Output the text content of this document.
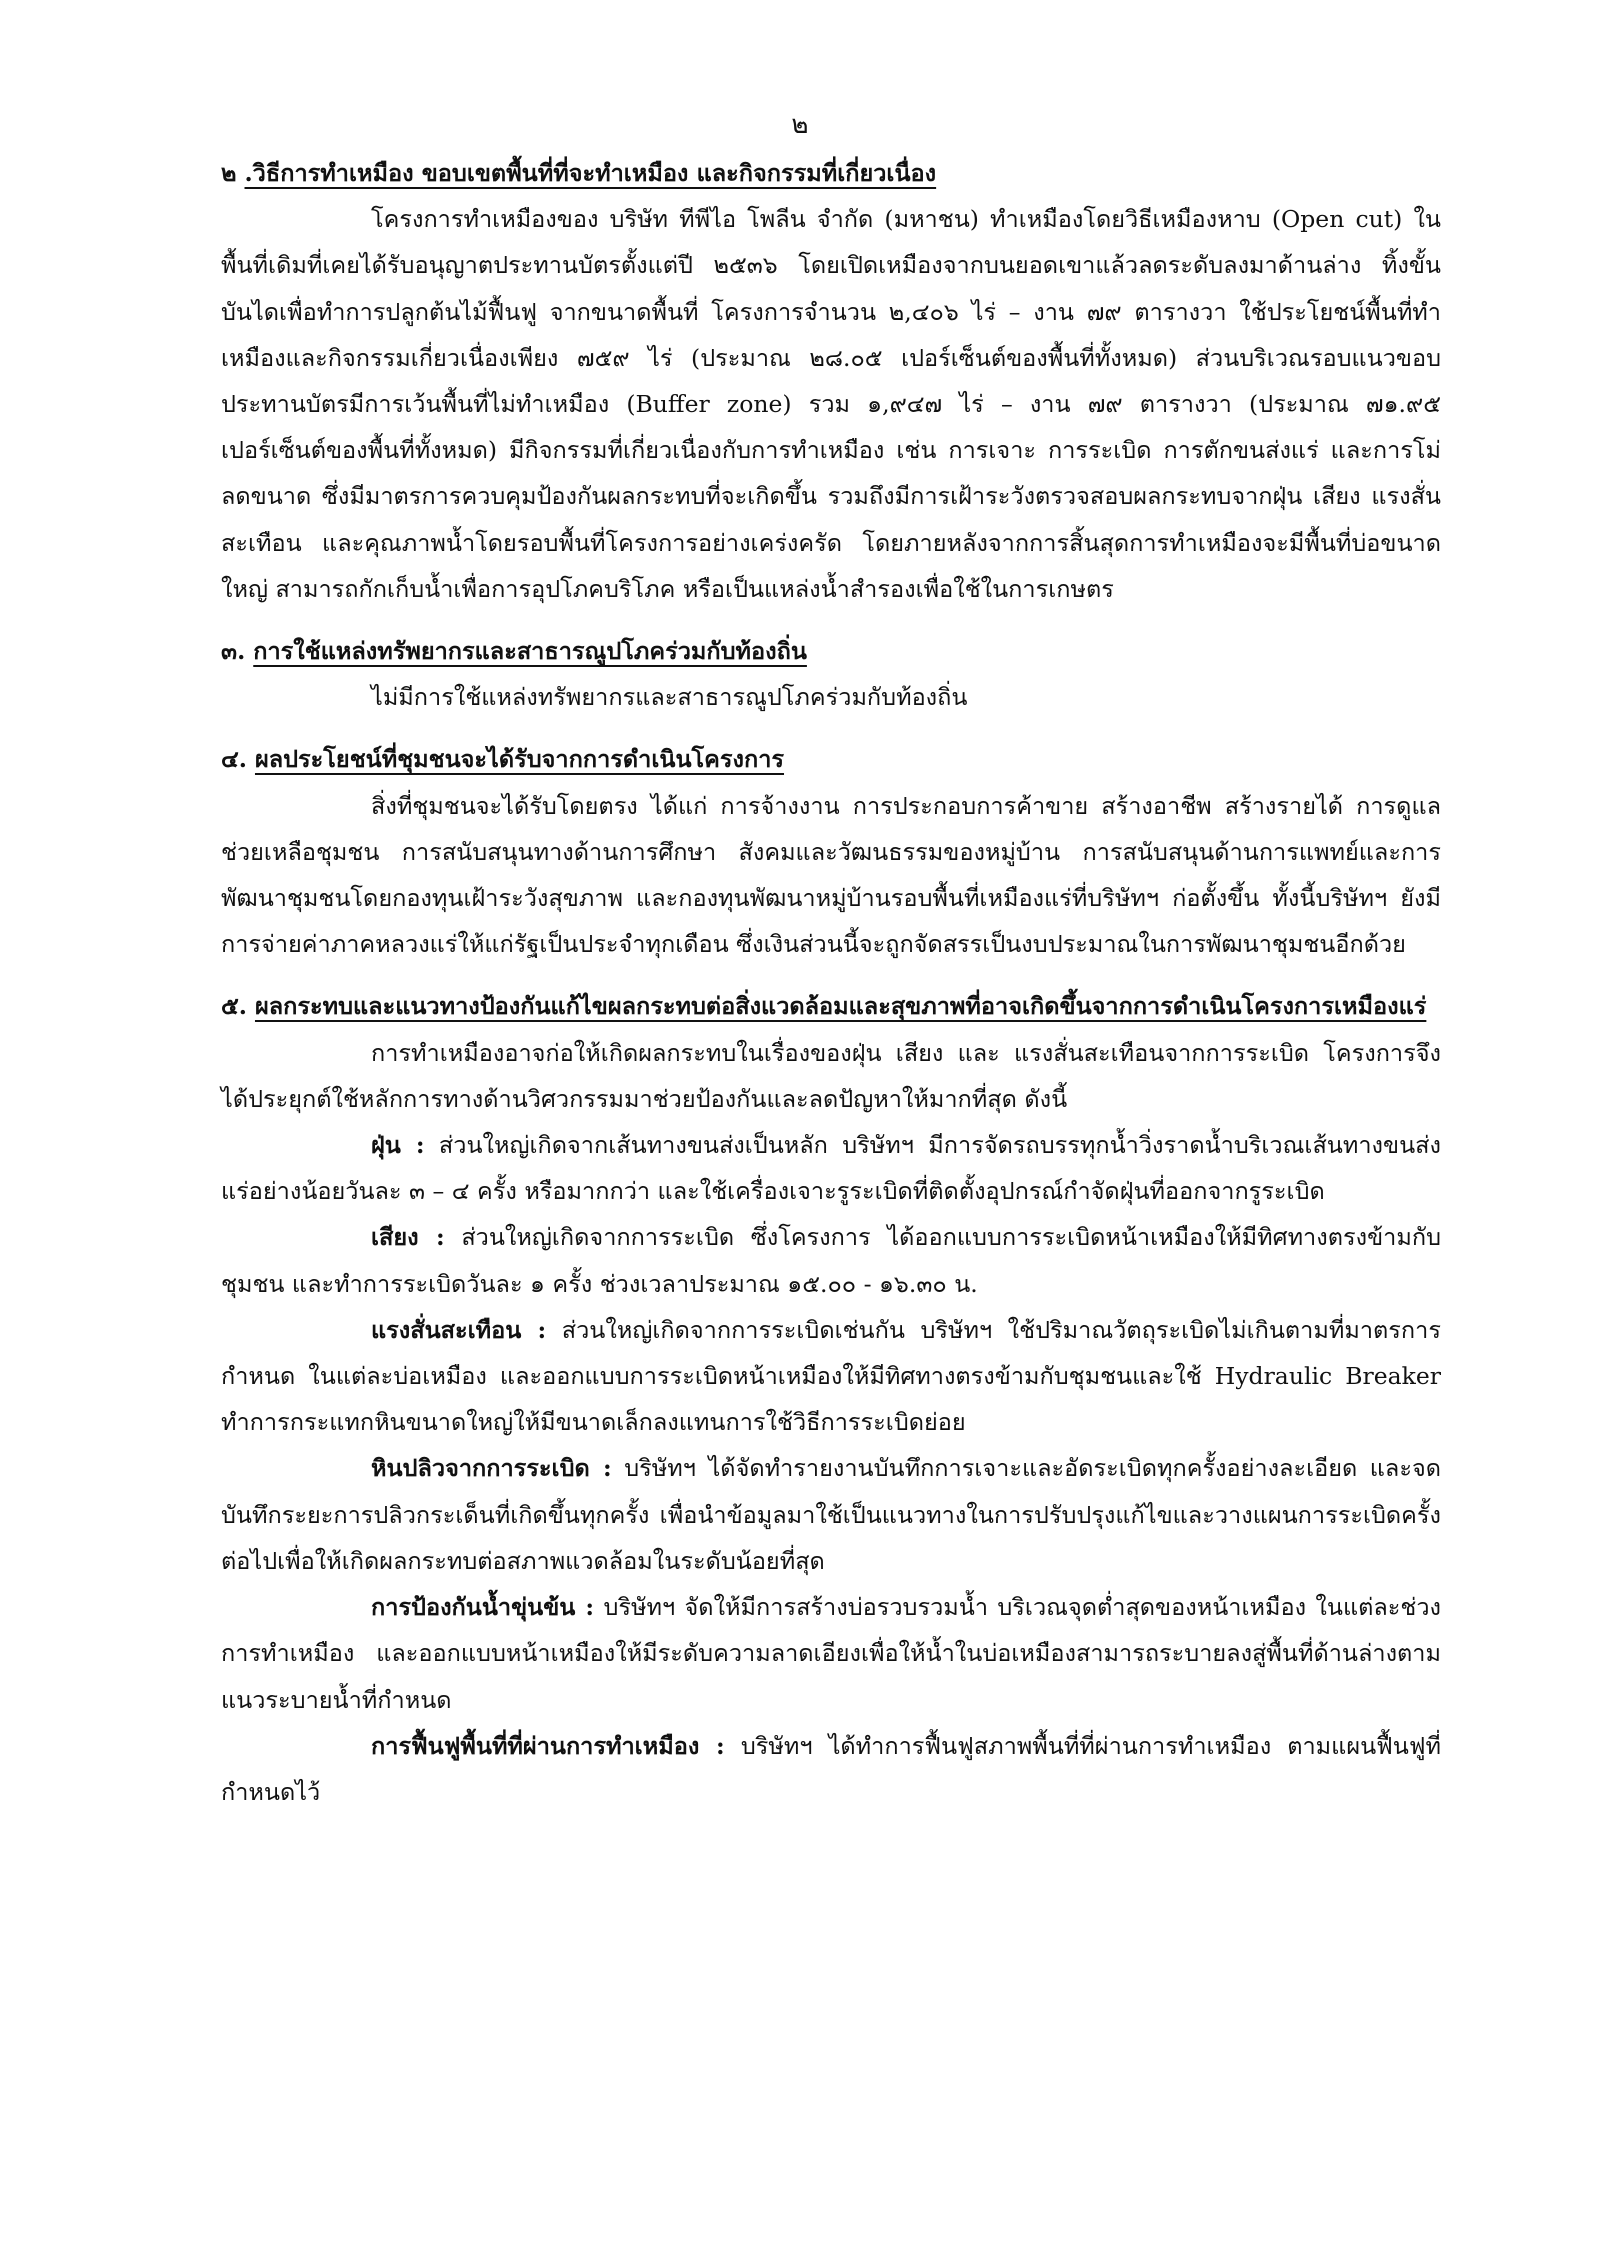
๒

๒ .วิธีการทำเหมือง ขอบเขตพื้นที่ที่จะทำเหมือง และกิจกรรมที่เกี่ยวเนื่อง

โครงการทำเหมืองของ บริษัท ทีพีไอ โพลีน จำกัด (มหาชน) ทำเหมืองโดยวิธีเหมืองหาบ (Open cut) ในพื้นที่เดิมที่เคยได้รับอนุญาตประทานบัตรตั้งแต่ปี ๒๕๓๖ โดยเปิดเหมืองจากบนยอดเขาแล้วลดระดับลงมาด้านล่าง ทิ้งขั้นบันไดเพื่อทำการปลูกต้นไม้ฟื้นฟู จากขนาดพื้นที่ โครงการจำนวน ๒,๔๐๖ ไร่ – งาน ๗๙ ตารางวา ใช้ประโยชน์พื้นที่ทำเหมืองและกิจกรรมเกี่ยวเนื่องเพียง ๗๕๙ ไร่ (ประมาณ ๒๘.๐๕ เปอร์เซ็นต์ของพื้นที่ทั้งหมด) ส่วนบริเวณรอบแนวขอบประทานบัตรมีการเว้นพื้นที่ไม่ทำเหมือง (Buffer zone) รวม ๑,๙๔๗ ไร่ – งาน ๗๙ ตารางวา (ประมาณ ๗๑.๙๕ เปอร์เซ็นต์ของพื้นที่ทั้งหมด) มีกิจกรรมที่เกี่ยวเนื่องกับการทำเหมือง เช่น การเจาะ การระเบิด การตักขนส่งแร่ และการโม่ลดขนาด ซึ่งมีมาตรการควบคุมป้องกันผลกระทบที่จะเกิดขึ้น รวมถึงมีการเฝ้าระวังตรวจสอบผลกระทบจากฝุ่น เสียง แรงสั่นสะเทือน และคุณภาพน้ำโดยรอบพื้นที่โครงการอย่างเคร่งครัด โดยภายหลังจากการสิ้นสุดการทำเหมืองจะมีพื้นที่บ่อขนาดใหญ่ สามารถกักเก็บน้ำเพื่อการอุปโภคบริโภค หรือเป็นแหล่งน้ำสำรองเพื่อใช้ในการเกษตร

๓. การใช้แหล่งทรัพยากรและสาธารณูปโภคร่วมกับท้องถิ่น

ไม่มีการใช้แหล่งทรัพยากรและสาธารณูปโภคร่วมกับท้องถิ่น

๔. ผลประโยชน์ที่ชุมชนจะได้รับจากการดำเนินโครงการ

สิ่งที่ชุมชนจะได้รับโดยตรง ได้แก่ การจ้างงาน การประกอบการค้าขาย สร้างอาชีพ สร้างรายได้ การดูแลช่วยเหลือชุมชน การสนับสนุนทางด้านการศึกษา สังคมและวัฒนธรรมของหมู่บ้าน การสนับสนุนด้านการแพทย์และการพัฒนาชุมชนโดยกองทุนเฝ้าระวังสุขภาพ และกองทุนพัฒนาหมู่บ้านรอบพื้นที่เหมืองแร่ที่บริษัทฯ ก่อตั้งขึ้น ทั้งนี้บริษัทฯ ยังมีการจ่ายค่าภาคหลวงแร่ให้แก่รัฐเป็นประจำทุกเดือน ซึ่งเงินส่วนนี้จะถูกจัดสรรเป็นงบประมาณในการพัฒนาชุมชนอีกด้วย

๕. ผลกระทบและแนวทางป้องกันแก้ไขผลกระทบต่อสิ่งแวดล้อมและสุขภาพที่อาจเกิดขึ้นจากการดำเนินโครงการเหมืองแร่

การทำเหมืองอาจก่อให้เกิดผลกระทบในเรื่องของฝุ่น เสียง และ แรงสั่นสะเทือนจากการระเบิด โครงการจึงได้ประยุกต์ใช้หลักการทางด้านวิศวกรรมมาช่วยป้องกันและลดปัญหาให้มากที่สุด ดังนี้

ฝุ่น : ส่วนใหญ่เกิดจากเส้นทางขนส่งเป็นหลัก บริษัทฯ มีการจัดรถบรรทุกน้ำวิ่งราดน้ำบริเวณเส้นทางขนส่งแร่อย่างน้อยวันละ ๓ – ๔ ครั้ง หรือมากกว่า และใช้เครื่องเจาะรูระเบิดที่ติดตั้งอุปกรณ์กำจัดฝุ่นที่ออกจากรูระเบิด

เสียง : ส่วนใหญ่เกิดจากการระเบิด ซึ่งโครงการ ได้ออกแบบการระเบิดหน้าเหมืองให้มีทิศทางตรงข้ามกับชุมชน และทำการระเบิดวันละ ๑ ครั้ง ช่วงเวลาประมาณ ๑๕.๐๐ - ๑๖.๓๐ น.

แรงสั่นสะเทือน : ส่วนใหญ่เกิดจากการระเบิดเช่นกัน บริษัทฯ ใช้ปริมาณวัตถุระเบิดไม่เกินตามที่มาตรการกำหนด ในแต่ละบ่อเหมือง และออกแบบการระเบิดหน้าเหมืองให้มีทิศทางตรงข้ามกับชุมชนและใช้ Hydraulic Breaker ทำการกระแทกหินขนาดใหญ่ให้มีขนาดเล็กลงแทนการใช้วิธีการระเบิดย่อย

หินปลิวจากการระเบิด : บริษัทฯ ได้จัดทำรายงานบันทึกการเจาะและอัดระเบิดทุกครั้งอย่างละเอียด และจดบันทึกระยะการปลิวกระเด็นที่เกิดขึ้นทุกครั้ง เพื่อนำข้อมูลมาใช้เป็นแนวทางในการปรับปรุงแก้ไขและวางแผนการระเบิดครั้งต่อไปเพื่อให้เกิดผลกระทบต่อสภาพแวดล้อมในระดับน้อยที่สุด

การป้องกันน้ำขุ่นข้น : บริษัทฯ จัดให้มีการสร้างบ่อรวบรวมน้ำ บริเวณจุดต่ำสุดของหน้าเหมือง ในแต่ละช่วงการทำเหมือง และออกแบบหน้าเหมืองให้มีระดับความลาดเอียงเพื่อให้น้ำในบ่อเหมืองสามารถระบายลงสู่พื้นที่ด้านล่างตามแนวระบายน้ำที่กำหนด

การฟื้นฟูพื้นที่ที่ผ่านการทำเหมือง : บริษัทฯ ได้ทำการฟื้นฟูสภาพพื้นที่ที่ผ่านการทำเหมือง ตามแผนฟื้นฟูที่กำหนดไว้
